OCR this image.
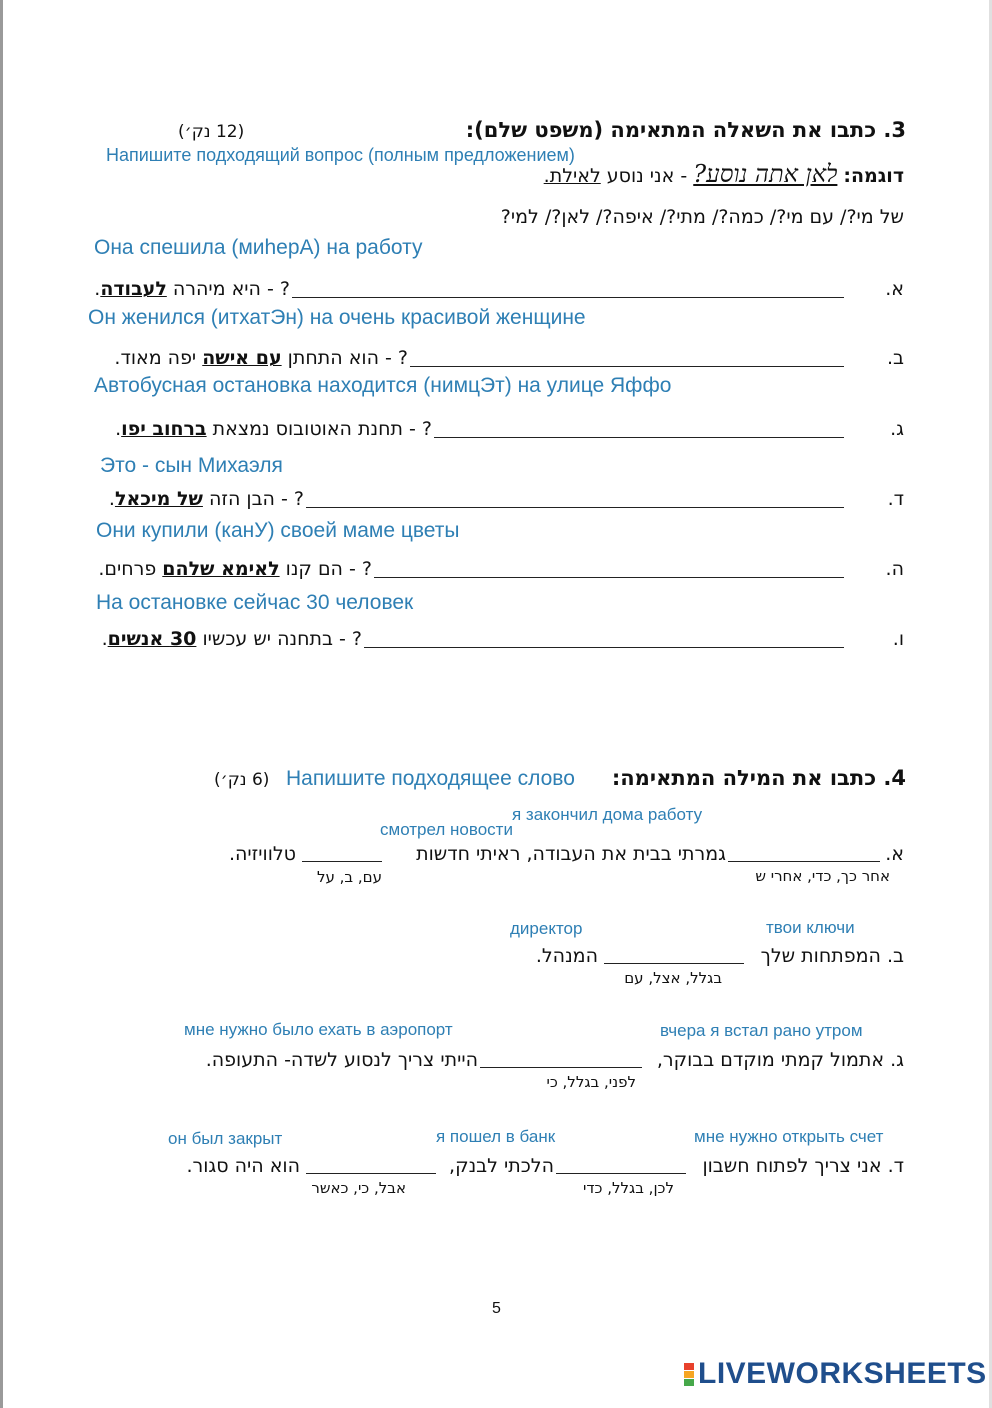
3. כתבו את השאלה המתאימה (משפט שלם):
(12 נק׳)
Напишите подходящий вопрос (полным предложением)
דוגמה:
לאן אתה נוסע?
- אני נוסע
לאילת.
של מי?/ עם מי?/ כמה?/ מתי?/ איפה?/ לאן?/ למי?
Она спешила (миhерА) на работу
א.
? - היא מיהרה לעבודה.
Он женился (итхатЭн) на очень красивой женщине
ב.
? - הוא התחתן עם אישה יפה מאוד.
Автобусная остановка находится (нимцЭт) на улице Яффо
ג.
? - תחנת האוטובוס נמצאת ברחוב יפו.
Это - сын Михаэля
ד.
? - הבן הזה של מיכאל.
Они купили (канУ) своей маме цветы
ה.
? - הם קנו לאימא שלהם פרחים.
На остановке сейчас 30 человек
ו.
? - בתחנה יש עכשיו 30 אנשים.
4. כתבו את המילה המתאימה:
Напишите подходящее слово
(6 נק׳)
я закончил дома работу
смотрел новости
א.
גמרתי בבית את העבודה, ראיתי חדשות
טלוויזיה.
אחר כך, כדי, אחרי ש
עם, ב, על
твои ключи
директор
ב. המפתחות שלך
המנהל.
בגלל, אצל, עם
вчера я встал рано утром
мне нужно было ехать в аэропорт
ג. אתמול קמתי מוקדם בבוקר,
הייתי צריך לנסוע לשדה- התעופה.
לפני, בגלל, כי
мне нужно открыть счет
я пошел в банк
он был закрыт
ד. אני צריך לפתוח חשבון
הלכתי לבנק,
הוא היה סגור.
לכן, בגלל, כדי
אבל, כי, כאשר
5
LIVEWORKSHEETS
